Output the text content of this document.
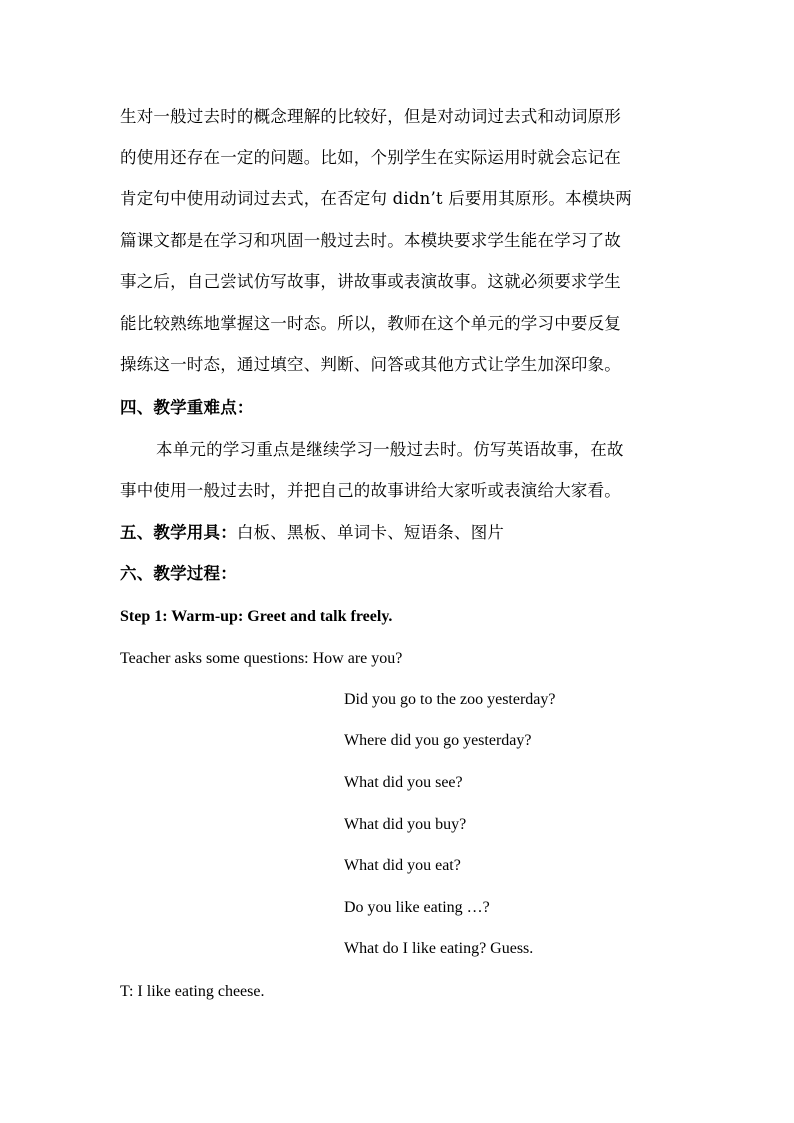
生对一般过去时的概念理解的比较好，但是对动词过去式和动词原形
的使用还存在一定的问题。比如，个别学生在实际运用时就会忘记在
肯定句中使用动词过去式，在否定句 didn’t 后要用其原形。本模块两
篇课文都是在学习和巩固一般过去时。本模块要求学生能在学习了故
事之后，自己尝试仿写故事，讲故事或表演故事。这就必须要求学生
能比较熟练地掌握这一时态。所以，教师在这个单元的学习中要反复
操练这一时态，通过填空、判断、问答或其他方式让学生加深印象。
四、教学重难点：
本单元的学习重点是继续学习一般过去时。仿写英语故事，在故
事中使用一般过去时，并把自己的故事讲给大家听或表演给大家看。
五、教学用具：白板、黑板、单词卡、短语条、图片
六、教学过程：
Step 1: Warm-up: Greet and talk freely.
Teacher asks some questions: How are you?
Did you go to the zoo yesterday?
Where did you go yesterday?
What did you see?
What did you buy?
What did you eat?
Do you like eating …?
What do I like eating? Guess.
T: I like eating cheese.
